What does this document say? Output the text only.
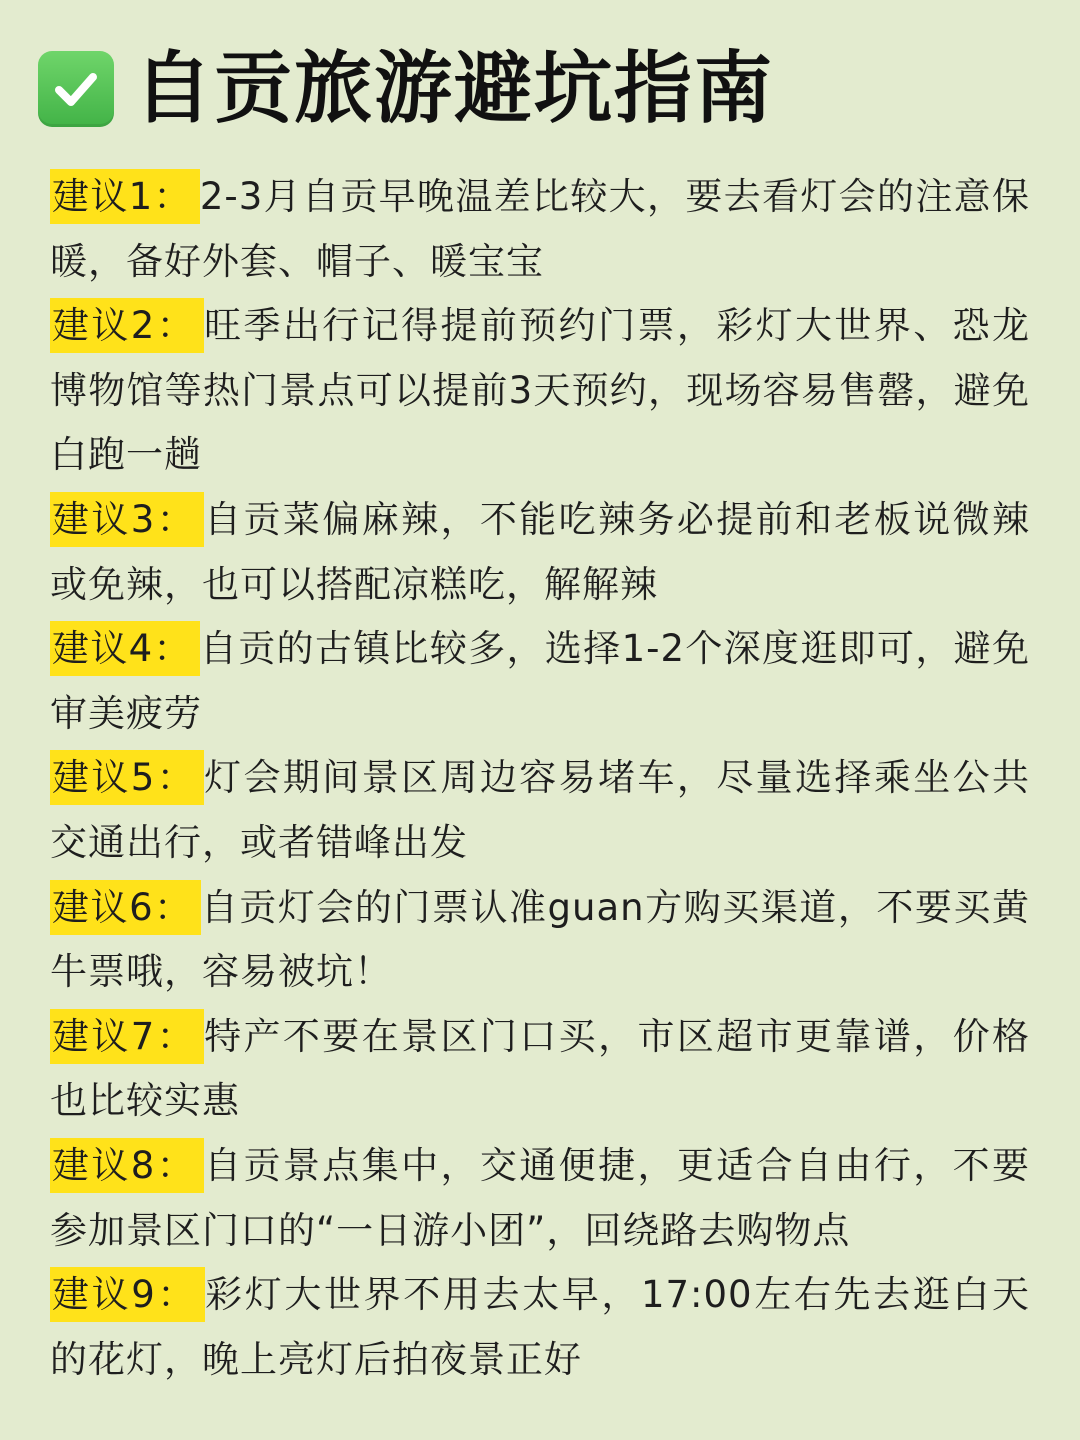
自贡旅游避坑指南
建议1： 2-3月自贡早晚温差比较大，要去看灯会的注意保暖，备好外套、帽子、暖宝宝
建议2： 旺季出行记得提前预约门票，彩灯大世界、恐龙博物馆等热门景点可以提前3天预约，现场容易售罄，避免白跑一趟
建议3： 自贡菜偏麻辣，不能吃辣务必提前和老板说微辣或免辣，也可以搭配凉糕吃，解解辣
建议4： 自贡的古镇比较多，选择1-2个深度逛即可，避免审美疲劳
建议5： 灯会期间景区周边容易堵车，尽量选择乘坐公共交通出行，或者错峰出发
建议6： 自贡灯会的门票认准guan方购买渠道，不要买黄牛票哦，容易被坑！
建议7： 特产不要在景区门口买，市区超市更靠谱，价格也比较实惠
建议8： 自贡景点集中，交通便捷，更适合自由行，不要参加景区门口的“一日游小团”，回绕路去购物点
建议9： 彩灯大世界不用去太早，17:00左右先去逛白天的花灯，晚上亮灯后拍夜景正好
